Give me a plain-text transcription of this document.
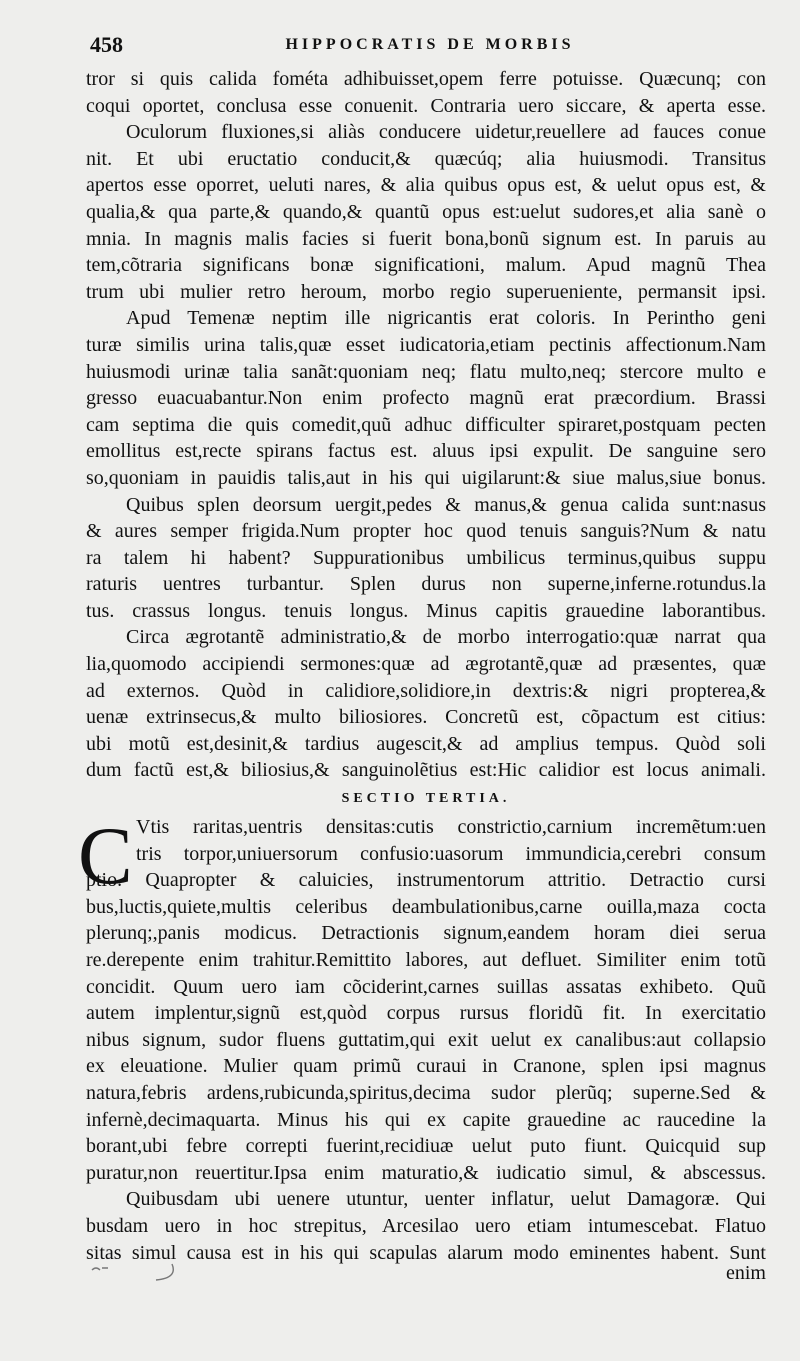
458	HIPPOCRATIS DE MORBIS
tror si quis calida fométa adhibuisset,opem ferre potuisse. Quæcunq; con
coqui oportet, conclusa esse conuenit. Contraria uero siccare, & aperta esse.
Oculorum fluxiones,si aliàs conducere uidetur,reuellere ad fauces conue
nit. Et ubi eructatio conducit,& quæcúq; alia huiusmodi. Transitus
apertos esse oporret, ueluti nares, & alia quibus opus est, & uelut opus est, &
qualia,& qua parte,& quando,& quantũ opus est:uelut sudores,et alia sanè o
mnia. In magnis malis facies si fuerit bona,bonũ signum est. In paruis au
tem,cõtraria significans bonæ significationi, malum. Apud magnũ Thea
trum ubi mulier retro heroum, morbo regio superueniente, permansit ipsi.
Apud Temenæ neptim ille nigricantis erat coloris. In Perintho geni
turæ similis urina talis,quæ esset iudicatoria,etiam pectinis affectionum.Nam
huiusmodi urinæ talia sanãt:quoniam neq; flatu multo,neq; stercore multo e
gresso euacuabantur.Non enim profecto magnũ erat præcordium. Brassi
cam septima die quis comedit,quũ adhuc difficulter spiraret,postquam pecten
emollitus est,recte spirans factus est. aluus ipsi expulit. De sanguine sero
so,quoniam in pauidis talis,aut in his qui uigilarunt:& siue malus,siue bonus.
Quibus splen deorsum uergit,pedes & manus,& genua calida sunt:nasus
& aures semper frigida.Num propter hoc quod tenuis sanguis?Num & natu
ra talem hi habent? Suppurationibus umbilicus terminus,quibus suppu
raturis uentres turbantur. Splen durus non superne,inferne.rotundus.la
tus. crassus longus. tenuis longus. Minus capitis grauedine laborantibus.
Circa ægrotantẽ administratio,& de morbo interrogatio:quæ narrat qua
lia,quomodo accipiendi sermones:quæ ad ægrotantẽ,quæ ad præsentes, quæ
ad externos. Quòd in calidiore,solidiore,in dextris:& nigri propterea,&
uenæ extrinsecus,& multo biliosiores. Concretũ est, cõpactum est citius:
ubi motũ est,desinit,& tardius augescit,& ad amplius tempus. Quòd soli
dum factũ est,& biliosius,& sanguinolẽtius est:Hic calidior est locus animali.
SECTIO TERTIA.
C Vtis raritas,uentris densitas:cutis constrictio,carnium incremẽtum:uen
tris torpor,uniuersorum confusio:uasorum immundicia,cerebri consum
ptio. Quapropter & caluicies, instrumentorum attritio. Detractio cursi
bus,luctis,quiete,multis celeribus deambulationibus,carne ouilla,maza cocta
plerunq;,panis modicus. Detractionis signum,eandem horam diei serua
re.derepente enim trahitur.Remittito labores, aut defluet. Similiter enim totũ
concidit. Quum uero iam cõciderint,carnes suillas assatas exhibeto. Quũ
autem implentur,signũ est,quòd corpus rursus floridũ fit. In exercitatio
nibus signum, sudor fluens guttatim,qui exit uelut ex canalibus:aut collapsio
ex eleuatione. Mulier quam primũ curaui in Cranone, splen ipsi magnus
natura,febris ardens,rubicunda,spiritus,decima sudor plerũq; superne.Sed &
infernè,decimaquarta. Minus his qui ex capite grauedine ac raucedine la
borant,ubi febre correpti fuerint,recidiuæ uelut puto fiunt. Quicquid sup
puratur,non reuertitur.Ipsa enim maturatio,& iudicatio simul, & abscessus.
Quibusdam ubi uenere utuntur, uenter inflatur, uelut Damagoræ. Qui
busdam uero in hoc strepitus, Arcesilao uero etiam intumescebat. Flatuo
sitas simul causa est in his qui scapulas alarum modo eminentes habent. Sunt
enim
